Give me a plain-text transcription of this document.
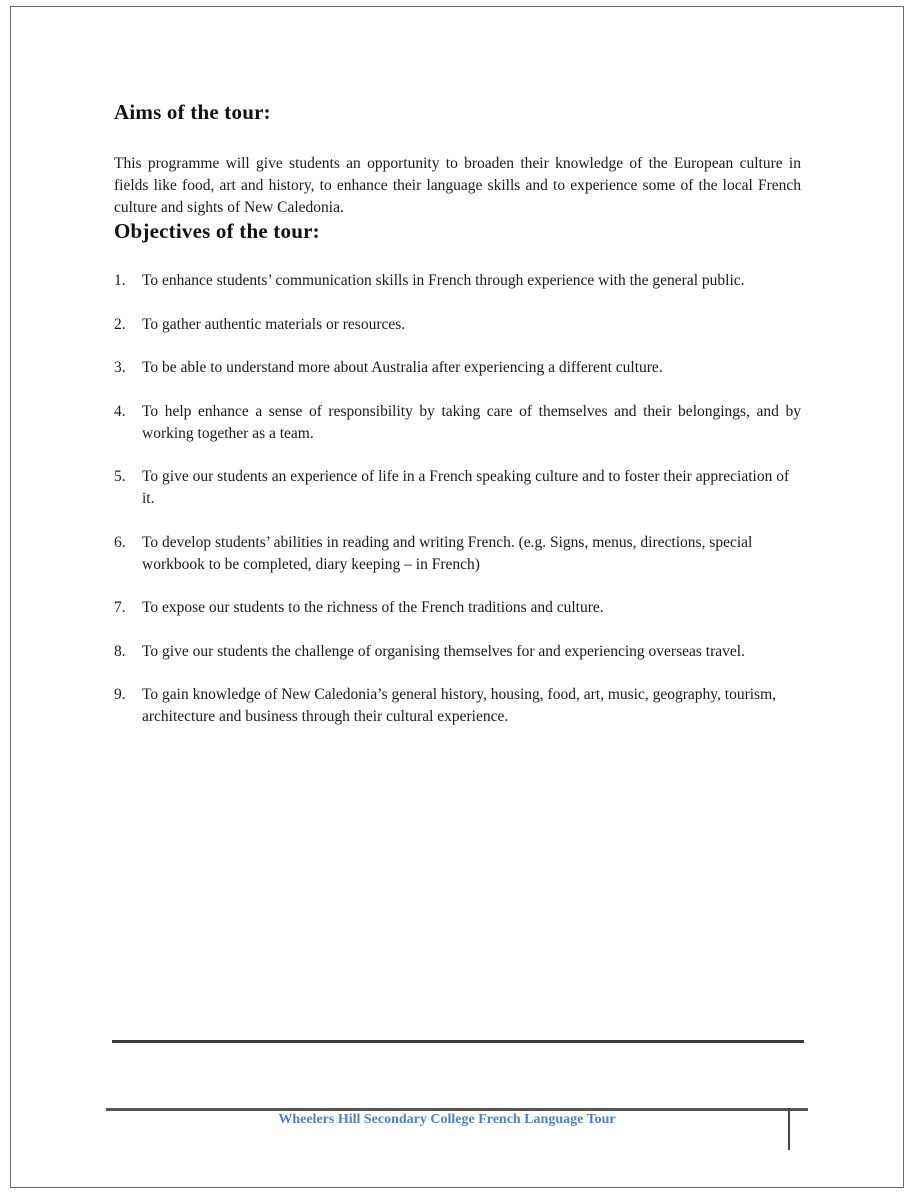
Aims of the tour:

This programme will give students an opportunity to broaden their knowledge of the European culture in fields like food, art and history, to enhance their language skills and to experience some of the local French culture and sights of New Caledonia.

Objectives of the tour:
1. To enhance students’ communication skills in French through experience with the general public.
2. To gather authentic materials or resources.
3. To be able to understand more about Australia after experiencing a different culture.
4. To help enhance a sense of responsibility by taking care of themselves and their belongings, and by working together as a team.
5. To give our students an experience of life in a French speaking culture and to foster their appreciation of it.
6. To develop students’ abilities in reading and writing French. (e.g. Signs, menus, directions, special workbook to be completed, diary keeping – in French)
7. To expose our students to the richness of the French traditions and culture.
8. To give our students the challenge of organising themselves for and experiencing overseas travel.
9. To gain knowledge of New Caledonia’s general history, housing, food, art, music, geography, tourism, architecture and business through their cultural experience.
Wheelers Hill Secondary College French Language Tour
